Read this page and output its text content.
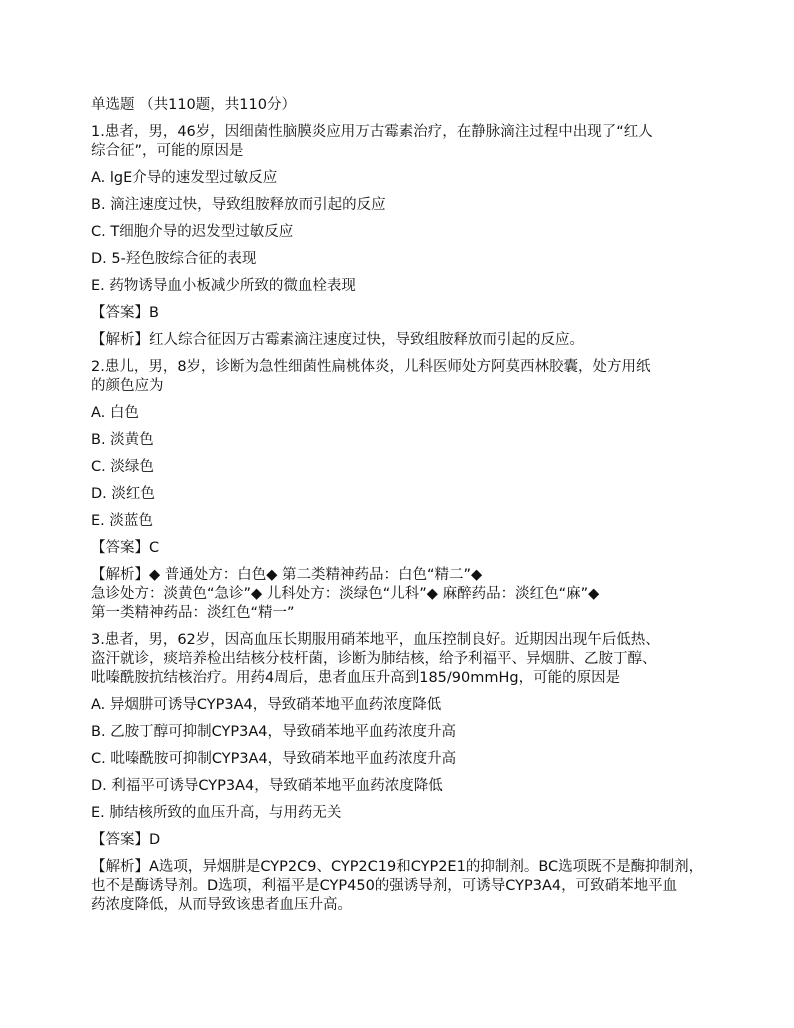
单选题 （共110题，共110分）

1.患者，男，46岁，因细菌性脑膜炎应用万古霉素治疗，在静脉滴注过程中出现了“红人

综合征”，可能的原因是

A. lgE介导的速发型过敏反应

B. 滴注速度过快，导致组胺释放而引起的反应

C. T细胞介导的迟发型过敏反应

D. 5-羟色胺综合征的表现

E. 药物诱导血小板减少所致的微血栓表现

【答案】B

【解析】红人综合征因万古霉素滴注速度过快，导致组胺释放而引起的反应。

2.患儿，男，8岁，诊断为急性细菌性扁桃体炎，儿科医师处方阿莫西林胶囊，处方用纸

的颜色应为

A. 白色

B. 淡黄色

C. 淡绿色

D. 淡红色

E. 淡蓝色

【答案】C

【解析】◆ 普通处方：白色◆ 第二类精神药品：白色“精二”◆

急诊处方：淡黄色“急诊”◆ 儿科处方：淡绿色“儿科”◆ 麻醉药品：淡红色“麻”◆

第一类精神药品：淡红色“精一”

3.患者，男，62岁，因高血压长期服用硝苯地平，血压控制良好。近期因出现午后低热、

盗汗就诊，痰培养检出结核分枝杆菌，诊断为肺结核，给予利福平、异烟肼、乙胺丁醇、

吡嗪酰胺抗结核治疗。用药4周后，患者血压升高到185/90mmHg，可能的原因是

A. 异烟肼可诱导CYP3A4，导致硝苯地平血药浓度降低

B. 乙胺丁醇可抑制CYP3A4，导致硝苯地平血药浓度升高

C. 吡嗪酰胺可抑制CYP3A4，导致硝苯地平血药浓度升高

D. 利福平可诱导CYP3A4，导致硝苯地平血药浓度降低

E. 肺结核所致的血压升高，与用药无关

【答案】D

【解析】A选项，异烟肼是CYP2C9、CYP2C19和CYP2E1的抑制剂。BC选项既不是酶抑制剂，

也不是酶诱导剂。D选项，利福平是CYP450的强诱导剂，可诱导CYP3A4，可致硝苯地平血

药浓度降低，从而导致该患者血压升高。
